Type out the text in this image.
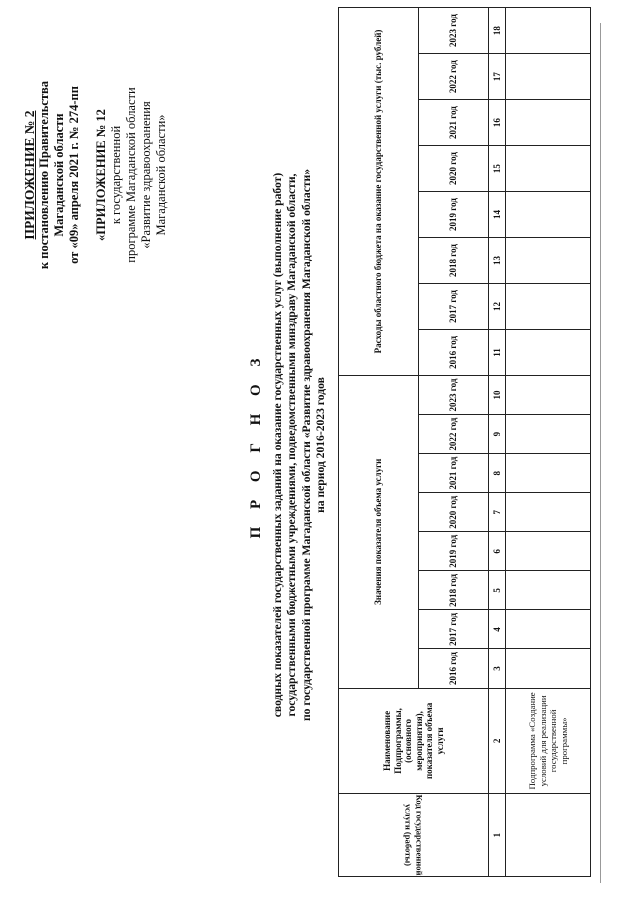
ПРИЛОЖЕНИЕ № 2 к постановлению Правительства Магаданской области от «09» апреля 2021 г. № 274-пп «ПРИЛОЖЕНИЕ № 12 к государственной программе Магаданской области «Развитие здравоохранения Магаданской области»
П Р О Г Н О З сводных показателей государственных заданий на оказание государственных услуг (выполнение работ) государственными бюджетными учреждениями, подведомственными минздраву Магаданской области, по государственной программе Магаданской области «Развитие здравоохранения Магаданской области» на период 2016-2023 годов
Код государственной услуги (работы)	Наименование Подпрограммы, (основного мероприятия), показателя объема услуги	Значения показателя объема услуги								Расходы областного бюджета на оказание государственной услуги (тыс. рублей)							
		2016 год	2017 год	2018 год	2019 год	2020 год	2021 год	2022 год	2023 год	2016 год	2017 год	2018 год	2019 год	2020 год	2021 год	2022 год	2023 год
1	2	3	4	5	6	7	8	9	10	11	12	13	14	15	16	17	18
	Подпрограмма «Создание условий для реализации государственной программы»																
